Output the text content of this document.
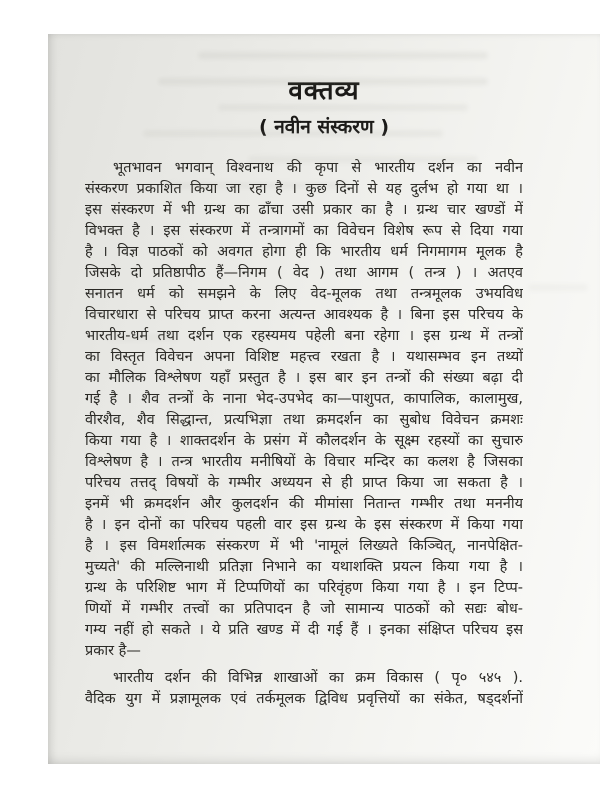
वक्तव्य
( नवीन संस्करण )
भूतभावन भगवान् विश्वनाथ की कृपा से भारतीय दर्शन का नवीन
संस्करण प्रकाशित किया जा रहा है । कुछ दिनों से यह दुर्लभ हो गया था ।
इस संस्करण में भी ग्रन्थ का ढाँचा उसी प्रकार का है । ग्रन्थ चार खण्डों में
विभक्त है । इस संस्करण में तन्त्रागमों का विवेचन विशेष रूप से दिया गया
है । विज्ञ पाठकों को अवगत होगा ही कि भारतीय धर्म निगमागम मूलक है
जिसके दो प्रतिष्ठापीठ हैं—निगम ( वेद ) तथा आगम ( तन्त्र ) । अतएव
सनातन धर्म को समझने के लिए वेद-मूलक तथा तन्त्रमूलक उभयविध
विचारधारा से परिचय प्राप्त करना अत्यन्त आवश्यक है । बिना इस परिचय के
भारतीय-धर्म तथा दर्शन एक रहस्यमय पहेली बना रहेगा । इस ग्रन्थ में तन्त्रों
का विस्तृत विवेचन अपना विशिष्ट महत्त्व रखता है । यथासम्भव इन तथ्यों
का मौलिक विश्लेषण यहाँ प्रस्तुत है । इस बार इन तन्त्रों की संख्या बढ़ा दी
गई है । शैव तन्त्रों के नाना भेद-उपभेद का—पाशुपत, कापालिक, कालामुख,
वीरशैव, शैव सिद्धान्त, प्रत्यभिज्ञा तथा क्रमदर्शन का सुबोध विवेचन क्रमशः
किया गया है । शाक्तदर्शन के प्रसंग में कौलदर्शन के सूक्ष्म रहस्यों का सुचारु
विश्लेषण है । तन्त्र भारतीय मनीषियों के विचार मन्दिर का कलश है जिसका
परिचय तत्तद् विषयों के गम्भीर अध्ययन से ही प्राप्त किया जा सकता है ।
इनमें भी क्रमदर्शन और कुलदर्शन की मीमांसा नितान्त गम्भीर तथा मननीय
है । इन दोनों का परिचय पहली वार इस ग्रन्थ के इस संस्करण में किया गया
है । इस विमर्शात्मक संस्करण में भी 'नामूलं लिख्यते किञ्चित्, नानपेक्षित-
मुच्यते' की मल्लिनाथी प्रतिज्ञा निभाने का यथाशक्ति प्रयत्न किया गया है ।
ग्रन्थ के परिशिष्ट भाग में टिप्पणियों का परिवृंहण किया गया है । इन टिप्प-
णियों में गम्भीर तत्त्वों का प्रतिपादन है जो सामान्य पाठकों को सद्यः बोध-
गम्य नहीं हो सकते । ये प्रति खण्ड में दी गई हैं । इनका संक्षिप्त परिचय इस
प्रकार है—
भारतीय दर्शन की विभिन्न शाखाओं का क्रम विकास ( पृ० ५४५ ).
वैदिक युग में प्रज्ञामूलक एवं तर्कमूलक द्विविध प्रवृत्तियों का संकेत, षड्दर्शनों
